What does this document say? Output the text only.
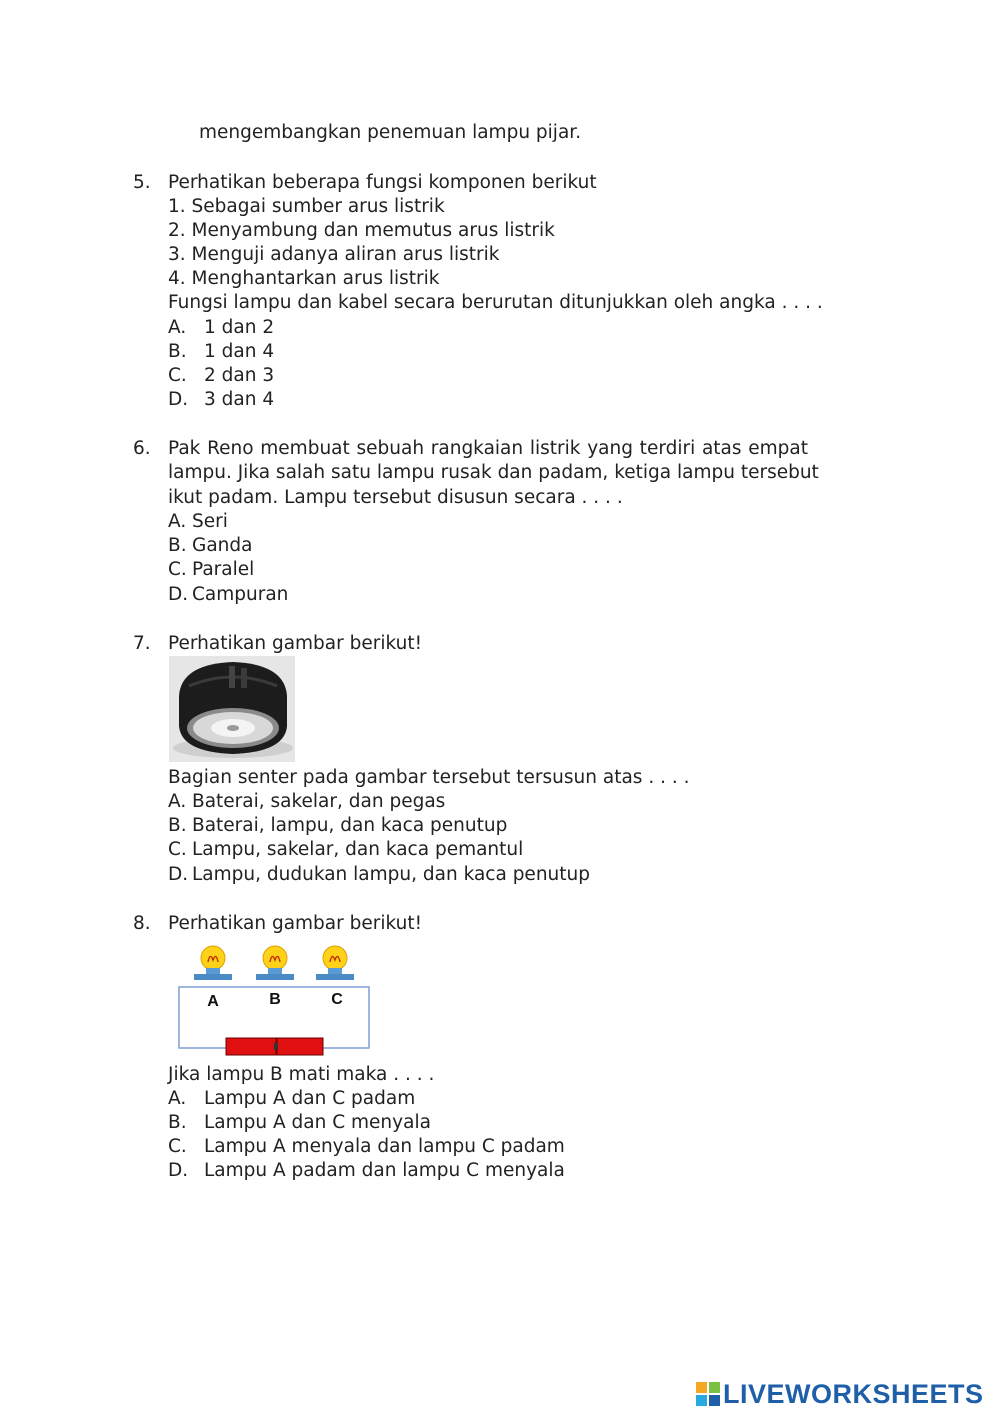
mengembangkan penemuan lampu pijar.
5. Perhatikan beberapa fungsi komponen berikut
1. Sebagai sumber arus listrik
2. Menyambung dan memutus arus listrik
3. Menguji adanya aliran arus listrik
4. Menghantarkan arus listrik
Fungsi lampu dan kabel secara berurutan ditunjukkan oleh angka . . . .
A. 1 dan 2
B. 1 dan 4
C. 2 dan 3
D. 3 dan 4
6. Pak Reno membuat sebuah rangkaian listrik yang terdiri atas empat
lampu. Jika salah satu lampu rusak dan padam, ketiga lampu tersebut
ikut padam. Lampu tersebut disusun secara . . . .
A. Seri
B. Ganda
C. Paralel
D. Campuran
7. Perhatikan gambar berikut!
Bagian senter pada gambar tersebut tersusun atas . . . .
A. Baterai, sakelar, dan pegas
B. Baterai, lampu, dan kaca penutup
C. Lampu, sakelar, dan kaca pemantul
D. Lampu, dudukan lampu, dan kaca penutup
8. Perhatikan gambar berikut!
A	B	C
Jika lampu B mati maka . . . .
A. Lampu A dan C padam
B. Lampu A dan C menyala
C. Lampu A menyala dan lampu C padam
D. Lampu A padam dan lampu C menyala
LIVEWORKSHEETS
